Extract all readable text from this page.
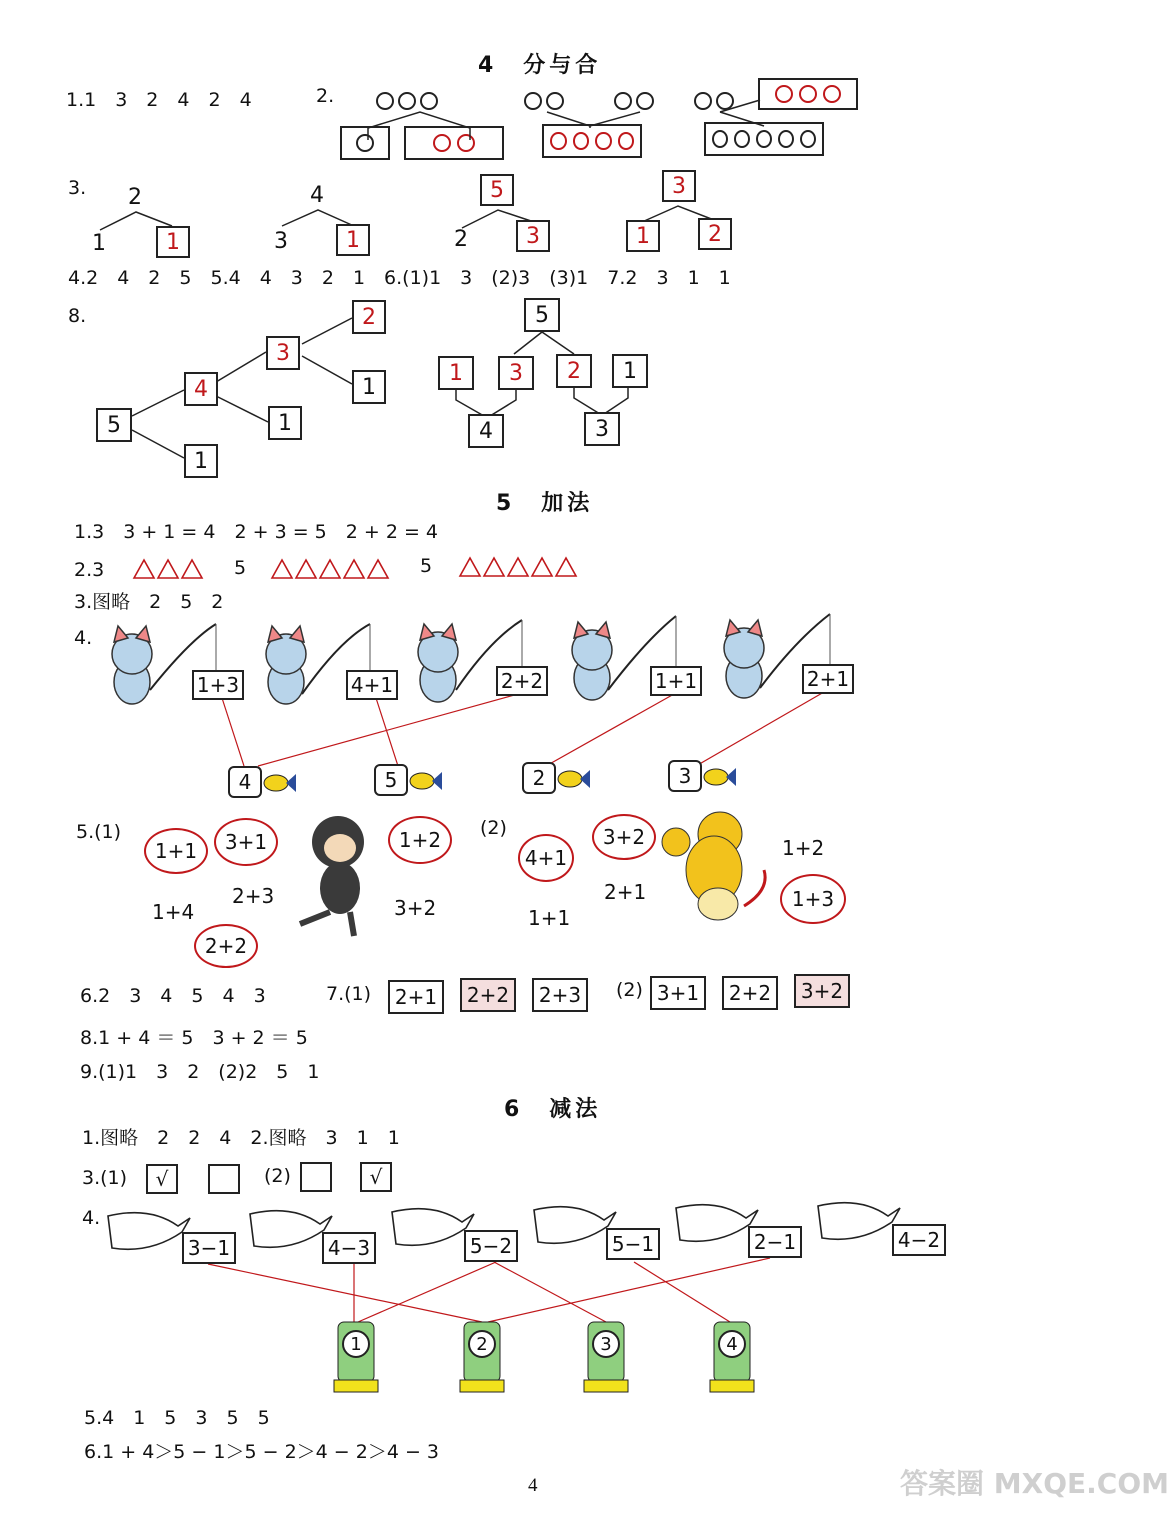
4　分与合
1.1　3　2　4　2　4	2.
3. 2
1	1
4
3	1
5
2	3
3
1	2
4.2　4　2　5　5.4　4　3　2　1　6.(1)1　3　(2)3　(3)1　7.2　3　1　1
8.
5
4
1
3
1
2
1
5
1	3	2	1
4	3
5　加法
1.3　3 + 1 = 4　2 + 3 = 5　2 + 2 = 4
2.3	5	5
3.图略　2　5　2
4.
1+3	4+1	2+2	1+1	2+1
4	5	2	3
5.(1)
1+1	3+1	1+2
2+2
2+3
1+4	3+2
(2)	3+2
4+1
1+3
1+2
2+1
1+1
6.2　3　4　5　4　3	7.(1)	2+1	2+2	2+3	(2) 3+1	2+2	3+2
8.1 + 4 ＝ 5　3 + 2 ＝ 5
9.(1)1　3　2　(2)2　5　1
6　减法
1.图略　2　2　4　2.图略　3　1　1
3.(1)	√	(2)	√
4.
3−1	4−3	5−2	5−1	2−1	4−2
1	2	3	4
5.4　1　5　3　5　5
6.1 + 4＞5 − 1＞5 − 2＞4 − 2＞4 − 3
4	答案圈 MXQE.COM
